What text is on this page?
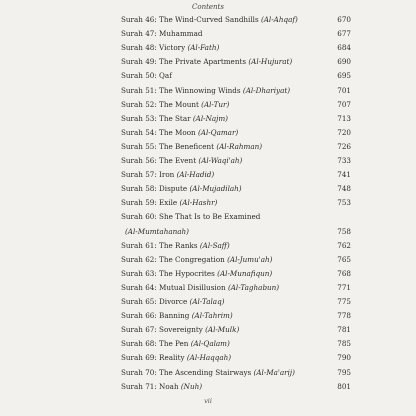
Contents
Surah 46: The Wind-Curved Sandhills (Al-Ahqaf)	670
Surah 47: Muhammad	677
Surah 48: Victory (Al-Fath)	684
Surah 49: The Private Apartments (Al-Hujurat)	690
Surah 50: Qaf	695
Surah 51: The Winnowing Winds (Al-Dhariyat)	701
Surah 52: The Mount (Al-Tur)	707
Surah 53: The Star (Al-Najm)	713
Surah 54: The Moon (Al-Qamar)	720
Surah 55: The Beneficent (Al-Rahman)	726
Surah 56: The Event (Al-Waqi'ah)	733
Surah 57: Iron (Al-Hadid)	741
Surah 58: Dispute (Al-Mujadilah)	748
Surah 59: Exile (Al-Hashr)	753
Surah 60: She That Is to Be Examined
(Al-Mumtahanah)	758
Surah 61: The Ranks (Al-Saff)	762
Surah 62: The Congregation (Al-Jumu'ah)	765
Surah 63: The Hypocrites (Al-Munafiqun)	768
Surah 64: Mutual Disillusion (Al-Taghabun)	771
Surah 65: Divorce (Al-Talaq)	775
Surah 66: Banning (Al-Tahrim)	778
Surah 67: Sovereignty (Al-Mulk)	781
Surah 68: The Pen (Al-Qalam)	785
Surah 69: Reality (Al-Haqqah)	790
Surah 70: The Ascending Stairways (Al-Ma'arij)	795
Surah 71: Noah (Nuh)	801
vii
